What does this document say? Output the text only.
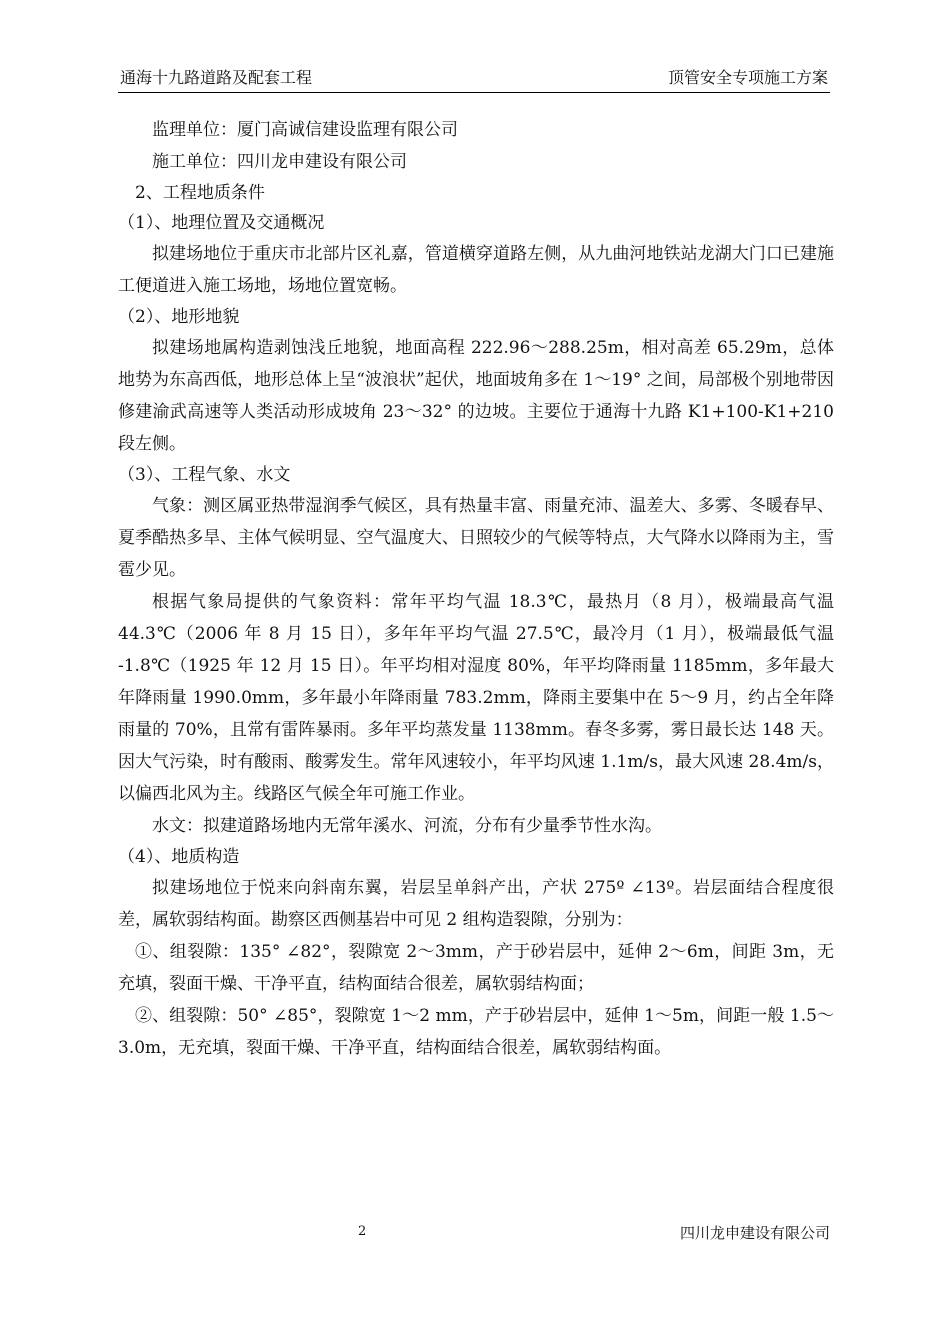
通海十九路道路及配套工程	顶管安全专项施工方案

监理单位：厦门高诚信建设监理有限公司

施工单位：四川龙申建设有限公司

2、工程地质条件

（1）、地理位置及交通概况

拟建场地位于重庆市北部片区礼嘉，管道横穿道路左侧，从九曲河地铁站龙湖大门口已建施工便道进入施工场地，场地位置宽畅。

（2）、地形地貌

拟建场地属构造剥蚀浅丘地貌，地面高程 222.96～288.25m，相对高差 65.29m，总体地势为东高西低，地形总体上呈“波浪状”起伏，地面坡角多在 1～19° 之间，局部极个别地带因修建渝武高速等人类活动形成坡角 23～32° 的边坡。主要位于通海十九路 K1+100-K1+210 段左侧。

（3）、工程气象、水文

气象：测区属亚热带湿润季气候区，具有热量丰富、雨量充沛、温差大、多雾、冬暖春早、夏季酷热多旱、主体气候明显、空气温度大、日照较少的气候等特点，大气降水以降雨为主，雪雹少见。

根据气象局提供的气象资料：常年平均气温 18.3℃，最热月（8 月），极端最高气温 44.3℃（2006 年 8 月 15 日），多年年平均气温 27.5℃，最冷月（1 月），极端最低气温 -1.8℃（1925 年 12 月 15 日）。年平均相对湿度 80%，年平均降雨量 1185mm，多年最大年降雨量 1990.0mm，多年最小年降雨量 783.2mm，降雨主要集中在 5～9 月，约占全年降雨量的 70%，且常有雷阵暴雨。多年平均蒸发量 1138mm。春冬多雾，雾日最长达 148 天。因大气污染，时有酸雨、酸雾发生。常年风速较小，年平均风速 1.1m/s，最大风速 28.4m/s，以偏西北风为主。线路区气候全年可施工作业。

水文：拟建道路场地内无常年溪水、河流，分布有少量季节性水沟。

（4）、地质构造

拟建场地位于悦来向斜南东翼，岩层呈单斜产出，产状 275º ∠13º。岩层面结合程度很差，属软弱结构面。勘察区西侧基岩中可见 2 组构造裂隙，分别为：

①、组裂隙：135° ∠82°，裂隙宽 2～3mm，产于砂岩层中，延伸 2～6m，间距 3m，无充填，裂面干燥、干净平直，结构面结合很差，属软弱结构面；

②、组裂隙：50° ∠85°，裂隙宽 1～2 mm，产于砂岩层中，延伸 1～5m，间距一般 1.5～3.0m，无充填，裂面干燥、干净平直，结构面结合很差，属软弱结构面。

2	四川龙申建设有限公司
